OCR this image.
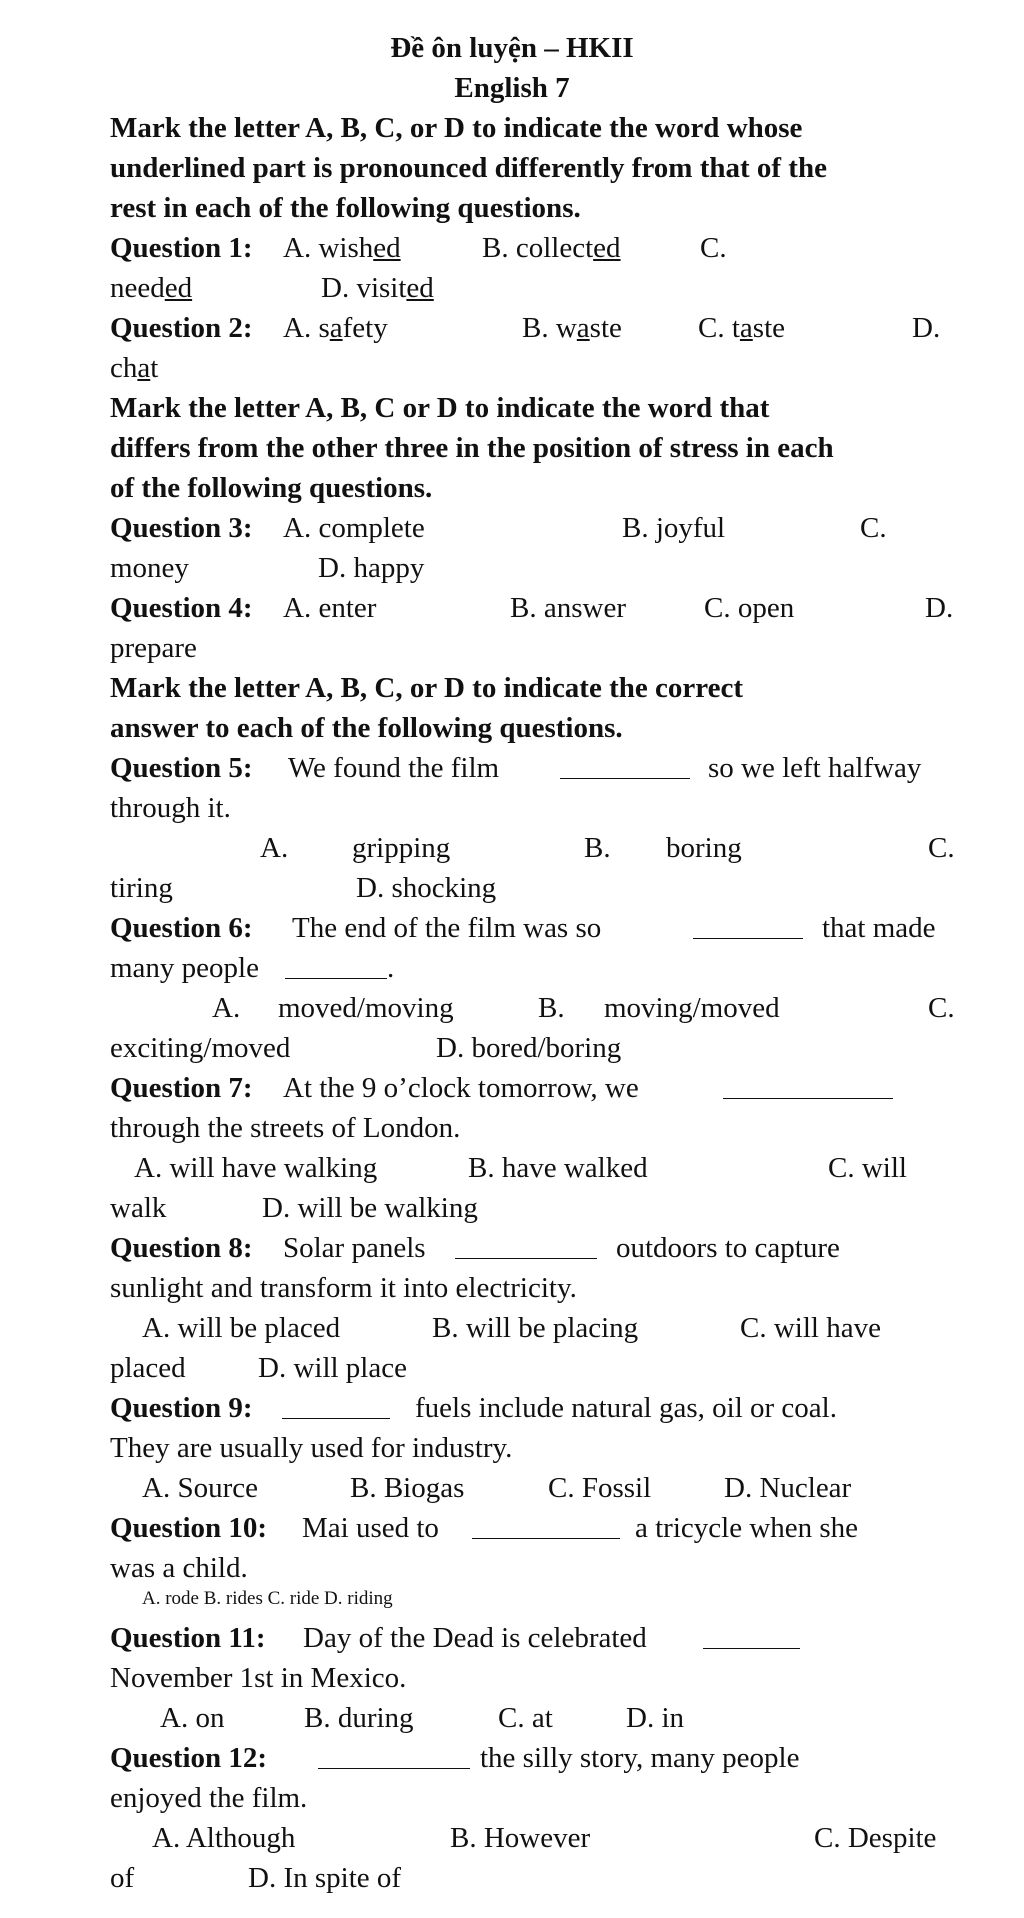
Đề ôn luyện – HKII
English 7
Mark the letter A, B, C, or D to indicate the word whose
underlined part is pronounced differently from that of the
rest in each of the following questions.
Question 1: A. wished	B. collected	C.
needed	D. visited
Question 2: A. safety	B. waste	C. taste	D.
chat
Mark the letter A, B, C or D to indicate the word that
differs from the other three in the position of stress in each
of the following questions.
Question 3: A. complete	B. joyful	C.
money	D. happy
Question 4: A. enter	B. answer	C. open	D.
prepare
Mark the letter A, B, C, or D to indicate the correct
answer to each of the following questions.
Question 5: We found the film	so we left halfway
through it.
A. gripping	B. boring	C.
tiring	D. shocking
Question 6: The end of the film was so	that made
many people	.
A. moved/moving	B. moving/moved	C.
exciting/moved	D. bored/boring
Question 7: At the 9 o’clock tomorrow, we
through the streets of London.
A. will have walking	B. have walked	C. will
walk	D. will be walking
Question 8: Solar panels	outdoors to capture
sunlight and transform it into electricity.
A. will be placed	B. will be placing	C. will have
placed D. will place
Question 9:	fuels include natural gas, oil or coal.
They are usually used for industry.
A. Source	B. Biogas	C. Fossil	D. Nuclear
Question 10: Mai used to	a tricycle when she
was a child.
A. rode B. rides C. ride D. riding
Question 11: Day of the Dead is celebrated
November 1st in Mexico.
A. on	B. during	C. at	D. in
Question 12:	the silly story, many people
enjoyed the film.
A. Although	B. However	C. Despite
of	D. In spite of
